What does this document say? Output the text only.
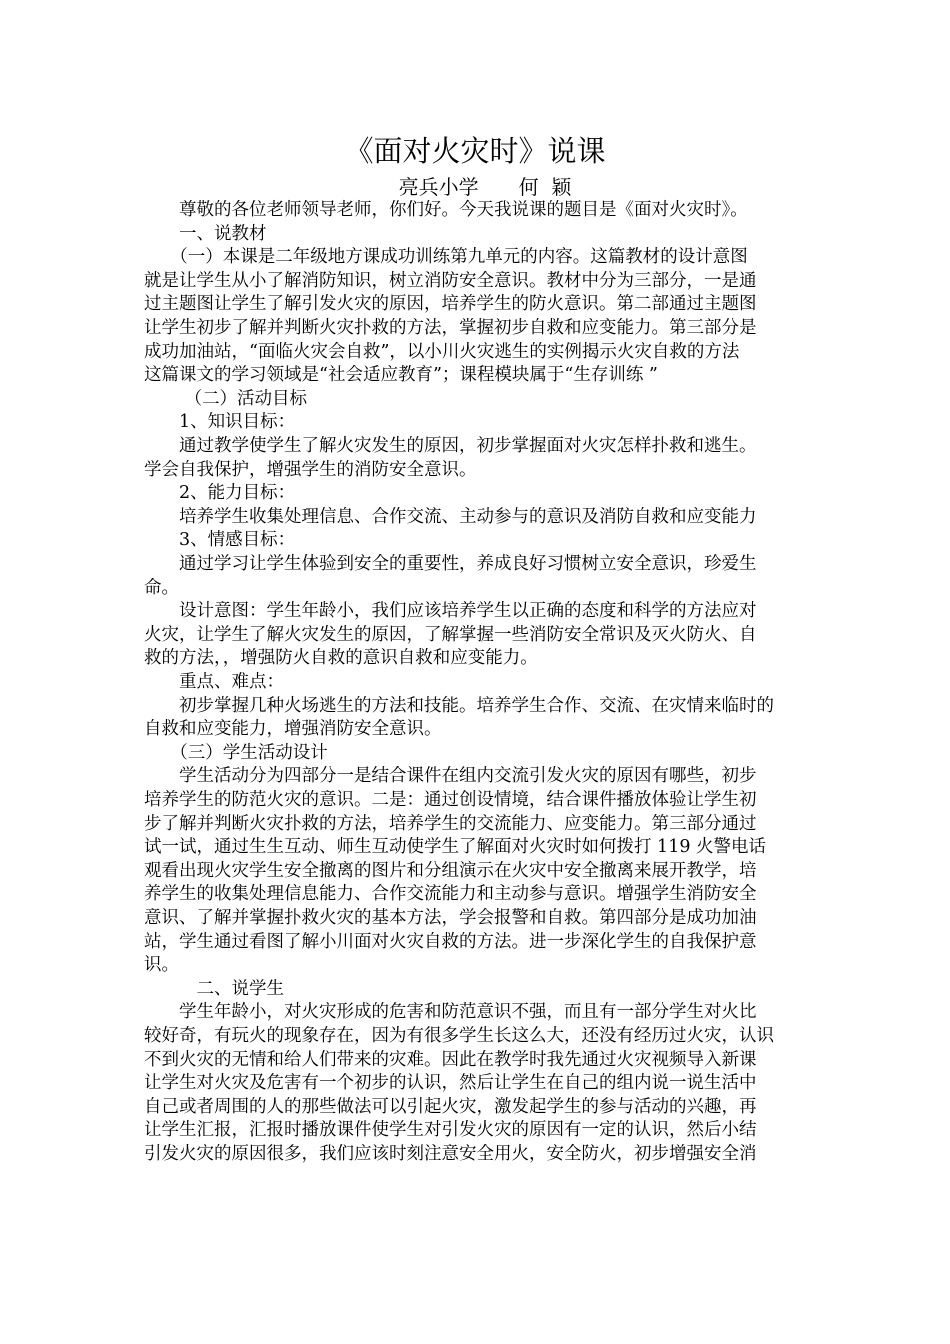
《面对火灾时》说课
亮兵小学　　何  颖
　　尊敬的各位老师领导老师，你们好。今天我说课的题目是《面对火灾时》。
　　一、说教材
　　（一）本课是二年级地方课成功训练第九单元的内容。这篇教材的设计意图
就是让学生从小了解消防知识，树立消防安全意识。教材中分为三部分，一是通
过主题图让学生了解引发火灾的原因，培养学生的防火意识。第二部通过主题图
让学生初步了解并判断火灾扑救的方法，掌握初步自救和应变能力。第三部分是
成功加油站，“面临火灾会自救”，以小川火灾逃生的实例揭示火灾自救的方法
这篇课文的学习领域是“社会适应教育”；课程模块属于“生存训练 ”
　　 （二）活动目标
　　1、知识目标：
　　通过教学使学生了解火灾发生的原因，初步掌握面对火灾怎样扑救和逃生。
学会自我保护，增强学生的消防安全意识。
　　2、能力目标：
　　培养学生收集处理信息、合作交流、主动参与的意识及消防自救和应变能力
　　3、情感目标：
　　通过学习让学生体验到安全的重要性，养成良好习惯树立安全意识，珍爱生
命。
　　设计意图：学生年龄小，我们应该培养学生以正确的态度和科学的方法应对
火灾，让学生了解火灾发生的原因，了解掌握一些消防安全常识及灭火防火、自
救的方法，，增强防火自救的意识自救和应变能力。
　　重点、难点：
　　初步掌握几种火场逃生的方法和技能。培养学生合作、交流、在灾情来临时的
自救和应变能力，增强消防安全意识。
　　（三）学生活动设计
　　学生活动分为四部分一是结合课件在组内交流引发火灾的原因有哪些，初步
培养学生的防范火灾的意识。二是：通过创设情境，结合课件播放体验让学生初
步了解并判断火灾扑救的方法，培养学生的交流能力、应变能力。第三部分通过
试一试，通过生生互动、师生互动使学生了解面对火灾时如何拨打 119 火警电话
观看出现火灾学生安全撤离的图片和分组演示在火灾中安全撤离来展开教学，培
养学生的收集处理信息能力、合作交流能力和主动参与意识。增强学生消防安全
意识、了解并掌握扑救火灾的基本方法，学会报警和自救。第四部分是成功加油
站，学生通过看图了解小川面对火灾自救的方法。进一步深化学生的自我保护意
识。
　　　二、说学生
　　学生年龄小，对火灾形成的危害和防范意识不强，而且有一部分学生对火比
较好奇，有玩火的现象存在，因为有很多学生长这么大，还没有经历过火灾，认识
不到火灾的无情和给人们带来的灾难。因此在教学时我先通过火灾视频导入新课
让学生对火灾及危害有一个初步的认识，然后让学生在自己的组内说一说生活中
自己或者周围的人的那些做法可以引起火灾，激发起学生的参与活动的兴趣，再
让学生汇报，汇报时播放课件使学生对引发火灾的原因有一定的认识，然后小结
引发火灾的原因很多，我们应该时刻注意安全用火，安全防火，初步增强安全消
